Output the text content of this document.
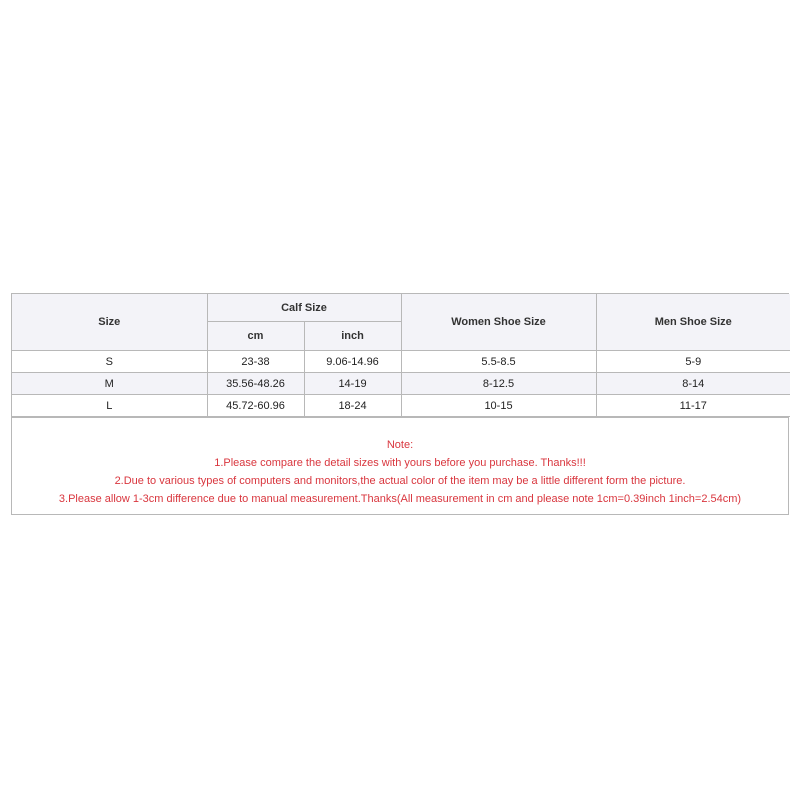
Size	Calf Size		Women Shoe Size	Men Shoe Size
	cm	inch		
S	23-38	9.06-14.96	5.5-8.5	5-9
M	35.56-48.26	14-19	8-12.5	8-14
L	45.72-60.96	18-24	10-15	11-17
Note:
1.Please compare the detail sizes with yours before you purchase. Thanks!!!
2.Due to various types of computers and monitors,the actual color of the item may be a little different form the picture.
3.Please allow 1-3cm difference due to manual measurement.Thanks(All measurement in cm and please note 1cm=0.39inch 1inch=2.54cm)
